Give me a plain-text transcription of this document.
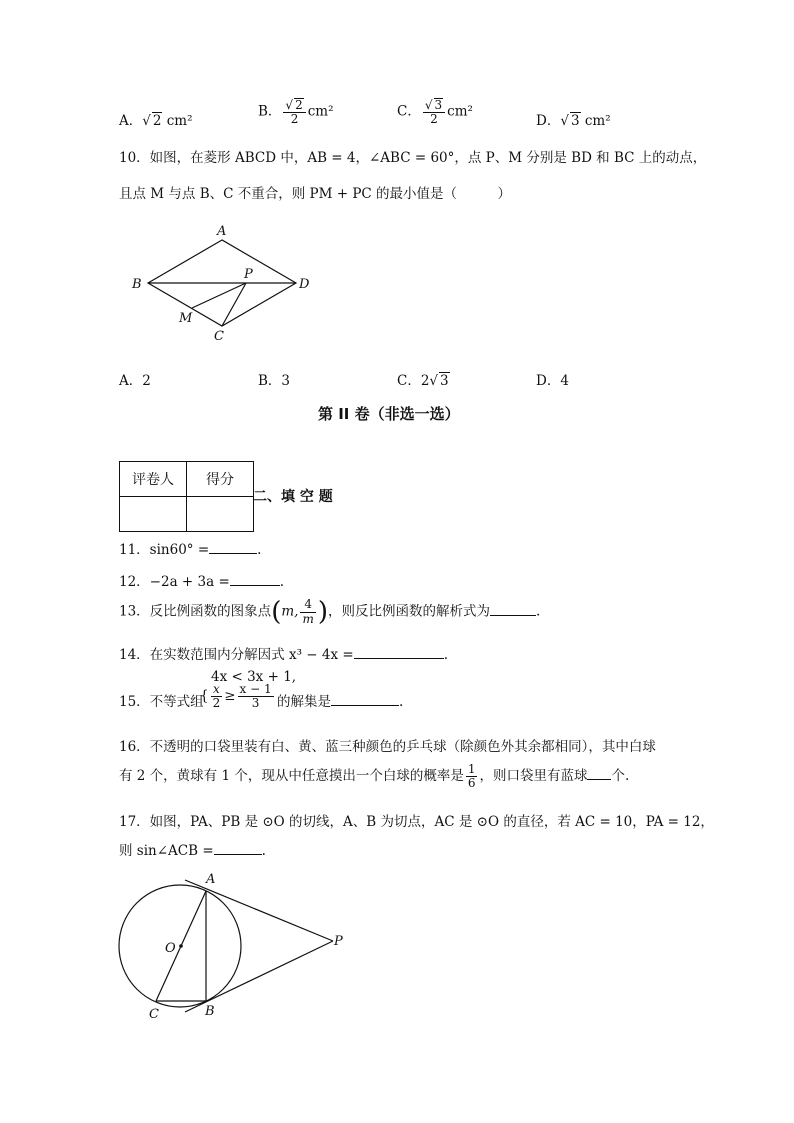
A．√ 2 cm²
B． $\frac{√ 2}{2} cm^2$	C． $\frac{√ 3}{2} cm^2$
D．√ 3 cm²
10．如图，在菱形 ABCD 中，AB = 4，∠ABC = 60°，点 P、M 分别是 BD 和 BC 上的动点，
且点 M 与点 B、C 不重合，则 PM + PC 的最小值是（　　　）
A
B	D
P
M
C
A．2	B．3	C．2√ 3	D．4
第 II 卷（非选一选）
评卷人	得分

二、填 空 题
11．sin60° =	.
12．−2a + 3a =	.
13．反比例函数的图象点(m, $\frac{4}{m}$ )，则反比例函数的解析式为	.
14．在实数范围内分解因式 x³ − 4x =	.
15．不等式组
4x < 3x + 1,
{ $\frac{x}{2} \ge \frac{x - 1}{3}$ 的解集是	.
16．不透明的口袋里装有白、黄、蓝三种颜色的乒乓球（除颜色外其余都相同），其中白球
有 2 个，黄球有 1 个，现从中任意摸出一个白球的概率是 $\frac{1}{6}$ ，则口袋里有蓝球 个.
17．如图，PA、PB 是 ⊙O 的切线，A、B 为切点，AC 是 ⊙O 的直径，若 AC = 10，PA = 12，
则 sin∠ACB =	.
A
O	P
C	B
